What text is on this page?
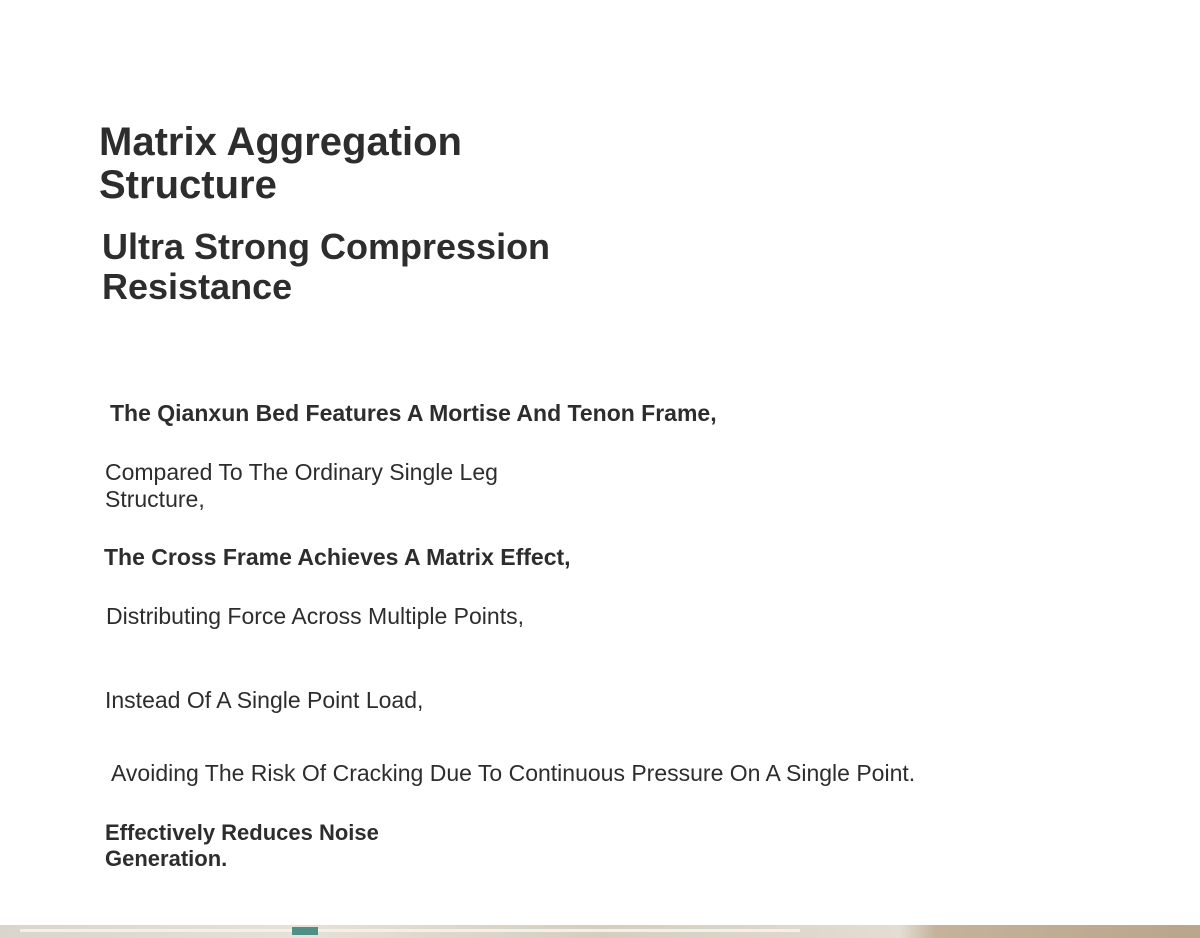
Matrix Aggregation Structure
Ultra Strong Compression Resistance

The Qianxun Bed Features A Mortise And Tenon Frame,

Compared To The Ordinary Single Leg Structure,

The Cross Frame Achieves A Matrix Effect,

Distributing Force Across Multiple Points,

Instead Of A Single Point Load,

Avoiding The Risk Of Cracking Due To Continuous Pressure On A Single Point.

Effectively Reduces Noise Generation.
